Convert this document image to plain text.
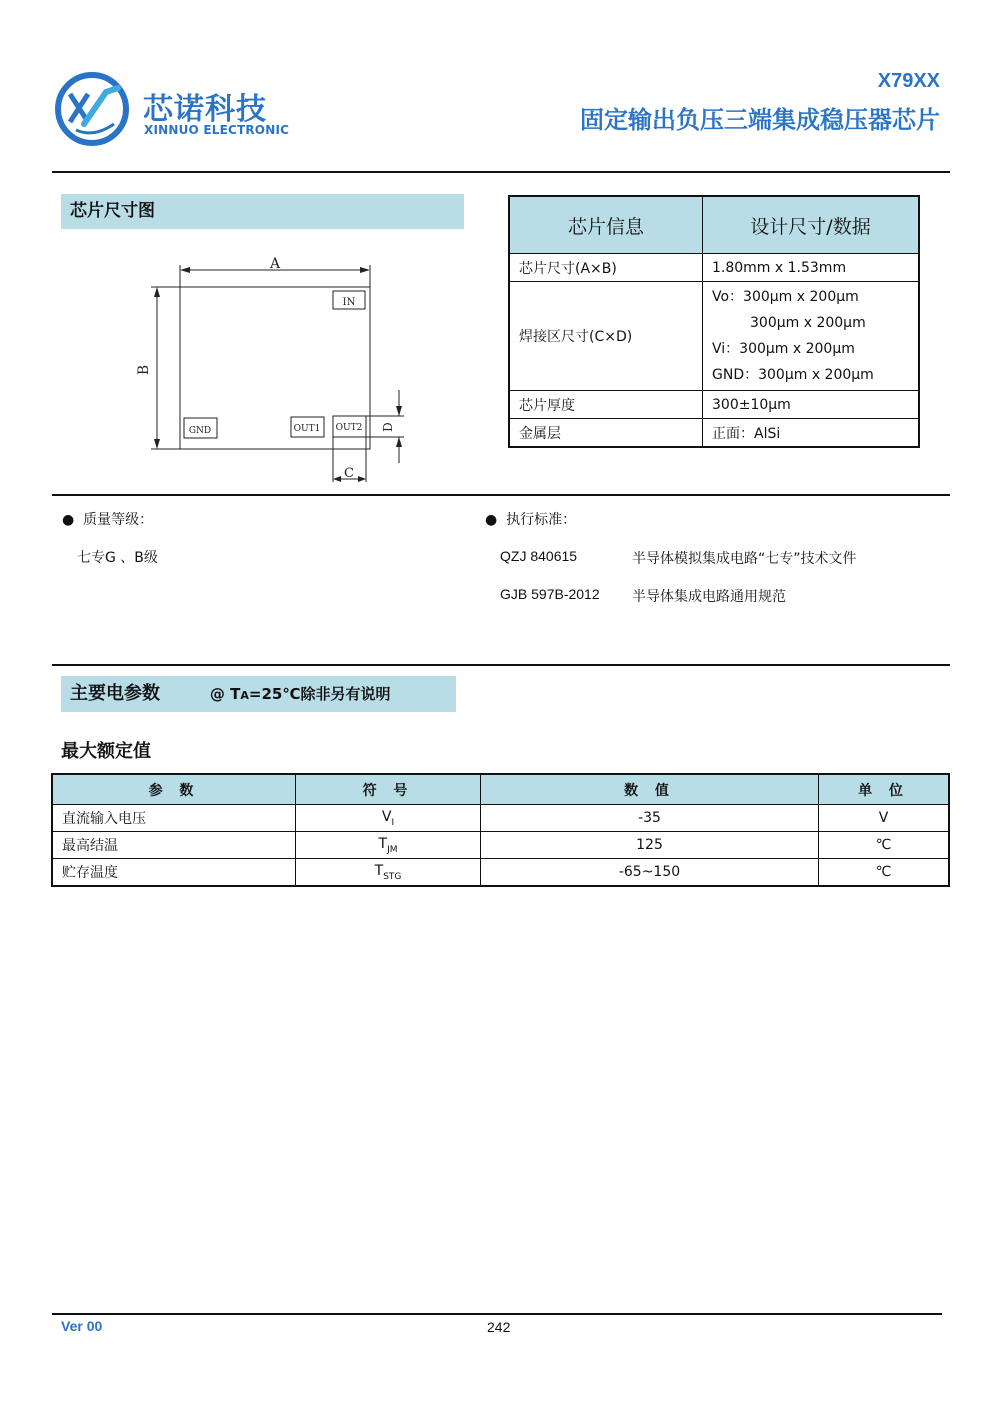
芯诺科技
XINNUO ELECTRONIC
X79XX
固定输出负压三端集成稳压器芯片
芯片尺寸图
A
B
IN
GND	OUT1 OUT2
C
D
芯片信息	设计尺寸/数据
芯片尺寸(A×B)	1.80mm x 1.53mm
焊接区尺寸(C×D)	Vo：300μm x 200μm
300μm x 200μm
Vi：300μm x 200μm
GND：300μm x 200μm

芯片厚度	300±10μm
金属层	正面：AlSi
● 质量等级：
七专G 、B级
● 执行标准：
QZJ 840615	半导体模拟集成电路“七专”技术文件
GJB 597B-2012 半导体集成电路通用规范
主要电参数	@ TA=25℃除非另有说明
最大额定值
参 数	符 号	数 值	单 位
直流输入电压	$V_I$	-35	V
最高结温	$T_{JM}$	125	℃
贮存温度	$T_{STG}$	-65~150	℃
Ver 00	242
